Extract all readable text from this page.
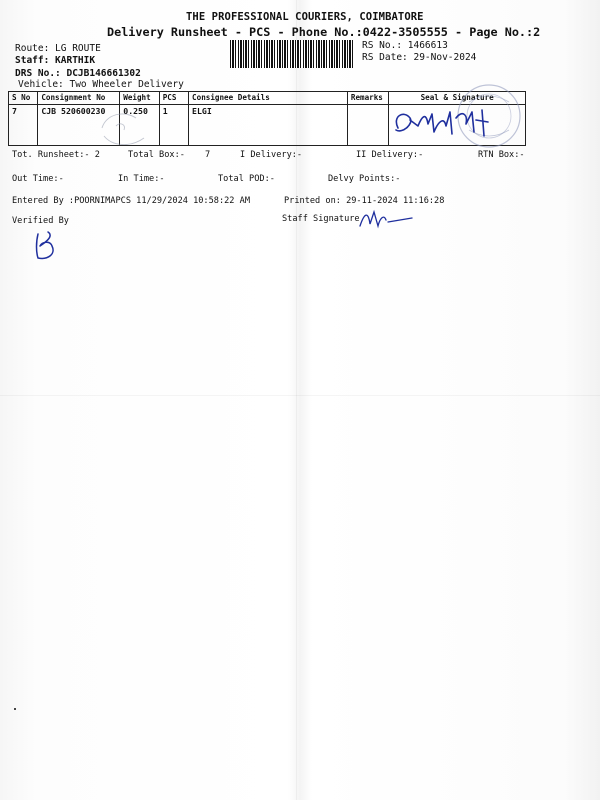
THE PROFESSIONAL COURIERS, COIMBATORE
Delivery Runsheet - PCS - Phone No.:0422-3505555 - Page No.:2
Route: LG ROUTE
Staff: KARTHIK
DRS No.: DCJB146661302
Vehicle: Two Wheeler Delivery
RS No.: 1466613
RS Date: 29-Nov-2024
S No	Consignment No	Weight	PCS	Consignee Details	Remarks	Seal & Signature
7	CJB 520600230	0.250	1	ELGI		
Tot. Runsheet:- 2	Total Box:- 7	I Delivery:-	II Delivery:-	RTN Box:-
Out Time:-	In Time:-	Total POD:-	Delvy Points:-
Entered By :POORNIMAPCS 11/29/2024 10:58:22 AM	Printed on: 29-11-2024 11:16:28
Verified By	Staff Signature
